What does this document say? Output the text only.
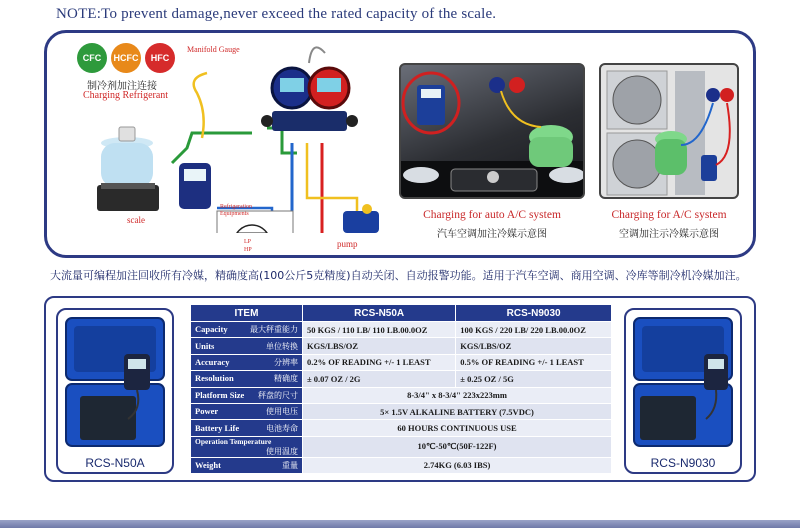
NOTE:To prevent damage,never exceed the rated capacity of the scale.
CFC	HCFC	HFC
Manifold Gauge
制冷剂加注连接
Charging Refrigerant
Refrigeration Equipments
LP
HP
scale
pump
Charging for auto A/C system
汽车空调加注冷媒示意图
Charging for A/C system
空调加注示冷媒示意图
大流量可编程加注回收所有冷媒，精确度高(100公斤5克精度)自动关闭、自动报警功能。适用于汽车空调、商用空调、冷库等制冷机冷媒加注。
RCS-N50A	RCS-N9030
ITEM	RCS-N50A	RCS-N9030

Capacity 最大秤重能力	50 KGS / 110 LB/ 110 LB.00.0OZ	100 KGS / 220 LB/ 220 LB.00.0OZ

Units 单位转换	KGS/LBS/OZ	KGS/LBS/OZ

Accuracy 分辨率	0.2% OF READING +/- 1 LEAST	0.5% OF READING +/- 1 LEAST

Resolution 精确度	± 0.07 OZ / 2G	± 0.25 OZ / 5G

Platform Size 秤盘的尺寸	8-3/4" x 8-3/4" 223x223mm	

Power 使用电压	5× 1.5V ALKALINE BATTERY (7.5VDC)	

Battery Life 电池寿命	60 HOURS CONTINUOUS USE	

Operation Temperature
使用温度	10℃-50℃(50F-122F)	

Weight 重量	2.74KG (6.03 IBS)	
